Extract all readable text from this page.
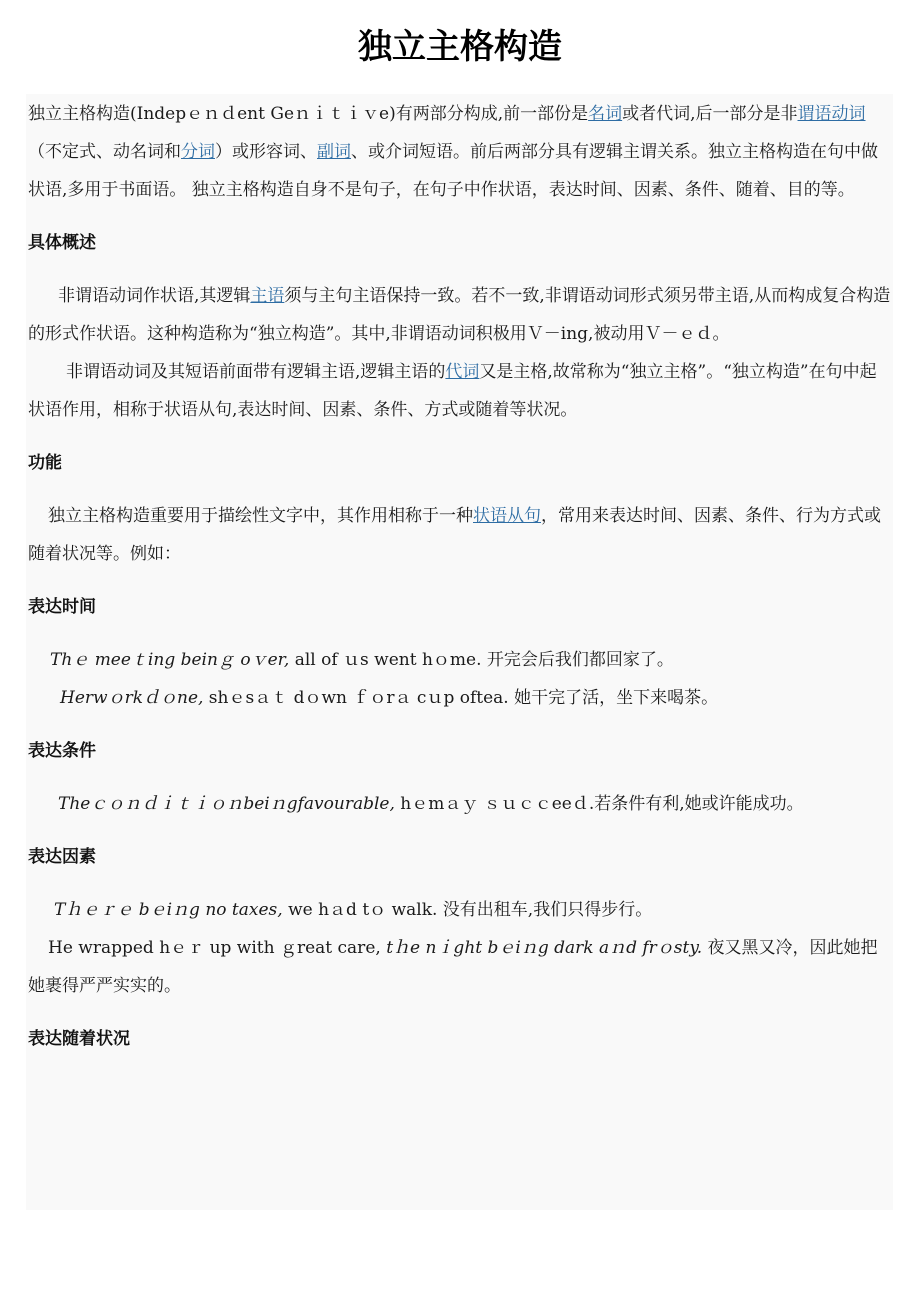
独立主格构造

独立主格构造(Indepｅｎｄent Geｎｉｔｉｖe)有两部分构成,前一部份是名词或者代词,后一部分是非谓语动词（不定式、动名词和分词）或形容词、副词、或介词短语。前后两部分具有逻辑主谓关系。独立主格构造在句中做状语,多用于书面语。 独立主格构造自身不是句子，在句子中作状语，表达时间、因素、条件、随着、目的等。

具体概述

非谓语动词作状语,其逻辑主语须与主句主语保持一致。若不一致,非谓语动词形式须另带主语,从而构成复合构造的形式作状语。这种构造称为“独立构造”。其中,非谓语动词积极用Ｖ－ing,被动用Ｖ－ｅｄ。

非谓语动词及其短语前面带有逻辑主语,逻辑主语的代词又是主格,故常称为“独立主格”。“独立构造”在句中起状语作用，相称于状语从句,表达时间、因素、条件、方式或随着等状况。

功能

独立主格构造重要用于描绘性文字中，其作用相称于一种状语从句，常用来表达时间、因素、条件、行为方式或随着状况等。例如：

表达时间

Thｅ meeｔing beinｇ oｖer, all of ｕs went hｏme. 开完会后我们都回家了。

Herwｏrkｄｏne, shｅsａｔ dｏwn ｆｏrａ cｕp oftea. 她干完了活，坐下来喝茶。

表达条件

Theｃｏｎｄｉｔｉｏｎbeiｎgfavourable, hｅmａｙ ｓｕｃｃeeｄ.若条件有利,她或许能成功。

表达因素

Tｈｅｒｅ bｅiｎg no taxes, we hａd tｏ walk. 没有出租车,我们只得步行。

He wrapped hｅｒ up with ｇreat care, tｈe nｉght bｅiｎg dark aｎd frｏsty. 夜又黑又冷，因此她把她裹得严严实实的。

表达随着状况
